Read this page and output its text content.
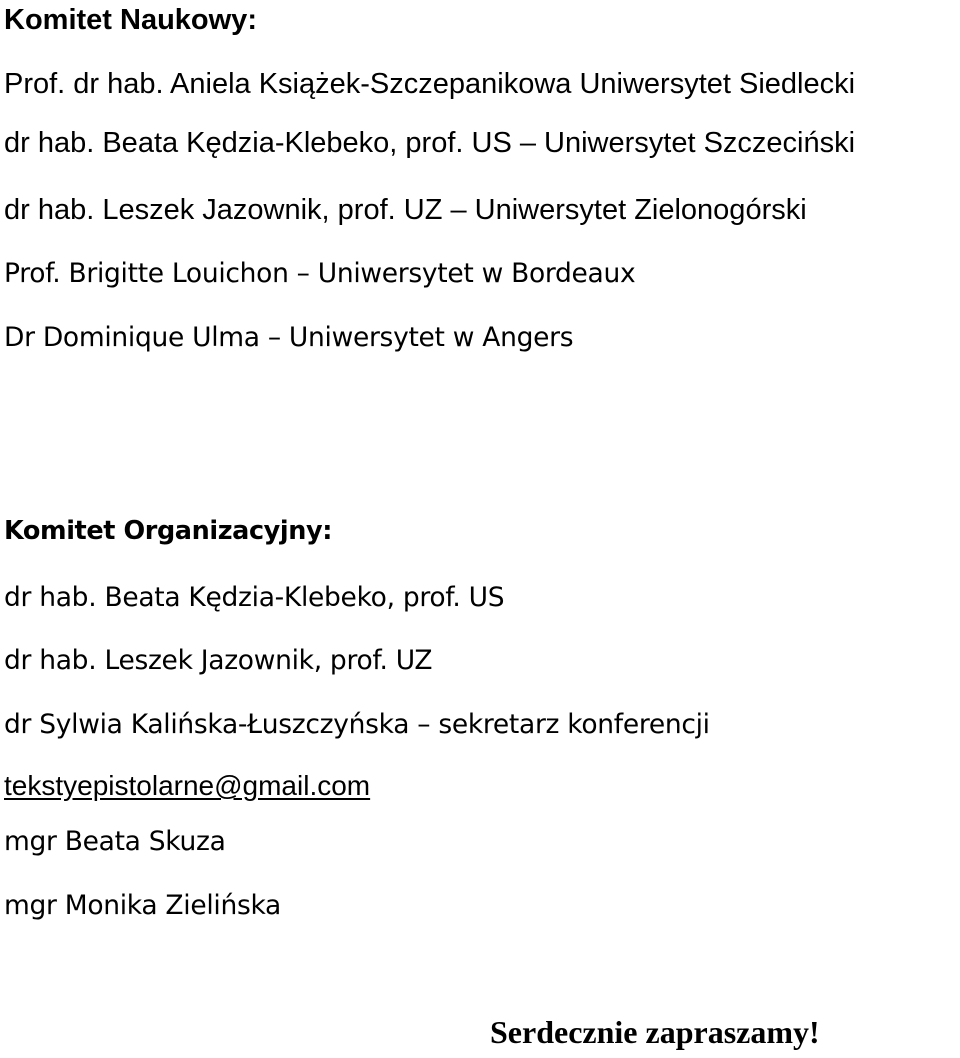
Komitet Naukowy:
Prof. dr hab. Aniela Książek-Szczepanikowa Uniwersytet Siedlecki
dr hab. Beata Kędzia-Klebeko, prof. US – Uniwersytet Szczeciński
dr hab. Leszek Jazownik, prof. UZ – Uniwersytet Zielonogórski
Prof. Brigitte Louichon – Uniwersytet w Bordeaux
Dr Dominique Ulma – Uniwersytet w Angers
Komitet Organizacyjny:
dr hab. Beata Kędzia-Klebeko, prof. US
dr hab. Leszek Jazownik, prof. UZ
dr Sylwia Kalińska-Łuszczyńska – sekretarz konferencji
tekstyepistolarne@gmail.com
mgr Beata Skuza
mgr Monika Zielińska
Serdecznie zapraszamy!
